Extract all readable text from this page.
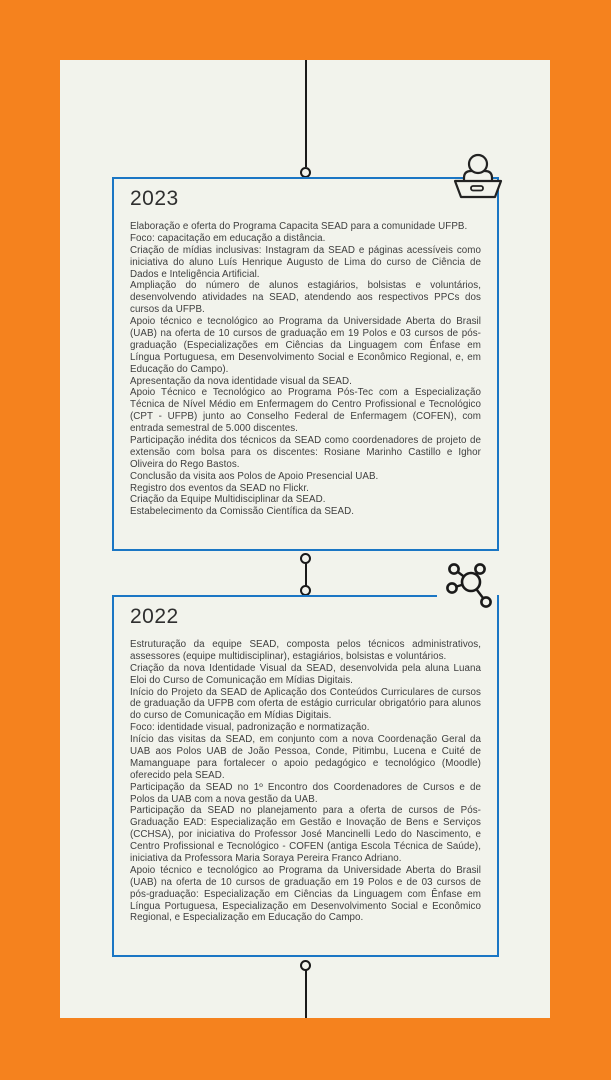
2023

Elaboração e oferta do Programa Capacita SEAD para a comunidade UFPB.

Foco: capacitação em educação a distância.

Criação de mídias inclusivas: Instagram da SEAD e páginas acessíveis como iniciativa do aluno Luís Henrique Augusto de Lima do curso de Ciência de Dados e Inteligência Artificial.

Ampliação do número de alunos estagiários, bolsistas e voluntários, desenvolvendo atividades na SEAD, atendendo aos respectivos PPCs dos cursos da UFPB.

Apoio técnico e tecnológico ao Programa da Universidade Aberta do Brasil (UAB) na oferta de 10 cursos de graduação em 19 Polos e 03 cursos de pós-graduação (Especializações em Ciências da Linguagem com Ênfase em Língua Portuguesa, em Desenvolvimento Social e Econômico Regional, e, em Educação do Campo).

Apresentação da nova identidade visual da SEAD.

Apoio Técnico e Tecnológico ao Programa Pós-Tec com a Especialização Técnica de Nível Médio em Enfermagem do Centro Profissional e Tecnológico (CPT - UFPB) junto ao Conselho Federal de Enfermagem (COFEN), com entrada semestral de 5.000 discentes.

Participação inédita dos técnicos da SEAD como coordenadores de projeto de extensão com bolsa para os discentes: Rosiane Marinho Castillo e Ighor Oliveira do Rego Bastos.

Conclusão da visita aos Polos de Apoio Presencial UAB.

Registro dos eventos da SEAD no Flickr.

Criação da Equipe Multidisciplinar da SEAD.

Estabelecimento da Comissão Científica da SEAD.

2022

Estruturação da equipe SEAD, composta pelos técnicos administrativos, assessores (equipe multidisciplinar), estagiários, bolsistas e voluntários.

Criação da nova Identidade Visual da SEAD, desenvolvida pela aluna Luana Eloi do Curso de Comunicação em Mídias Digitais.

Início do Projeto da SEAD de Aplicação dos Conteúdos Curriculares de cursos de graduação da UFPB com oferta de estágio curricular obrigatório para alunos do curso de Comunicação em Mídias Digitais.

Foco: identidade visual, padronização e normatização.

Início das visitas da SEAD, em conjunto com a nova Coordenação Geral da UAB aos Polos UAB de João Pessoa, Conde, Pitimbu, Lucena e Cuité de Mamanguape para fortalecer o apoio pedagógico e tecnológico (Moodle) oferecido pela SEAD.

Participação da SEAD no 1º Encontro dos Coordenadores de Cursos e de Polos da UAB com a nova gestão da UAB.

Participação da SEAD no planejamento para a oferta de cursos de Pós-Graduação EAD: Especialização em Gestão e Inovação de Bens e Serviços (CCHSA), por iniciativa do Professor José Mancinelli Ledo do Nascimento, e Centro Profissional e Tecnológico - COFEN (antiga Escola Técnica de Saúde), iniciativa da Professora Maria Soraya Pereira Franco Adriano.

Apoio técnico e tecnológico ao Programa da Universidade Aberta do Brasil (UAB) na oferta de 10 cursos de graduação em 19 Polos e de 03 cursos de pós-graduação: Especialização em Ciências da Linguagem com Ênfase em Língua Portuguesa, Especialização em Desenvolvimento Social e Econômico Regional, e Especialização em Educação do Campo.
